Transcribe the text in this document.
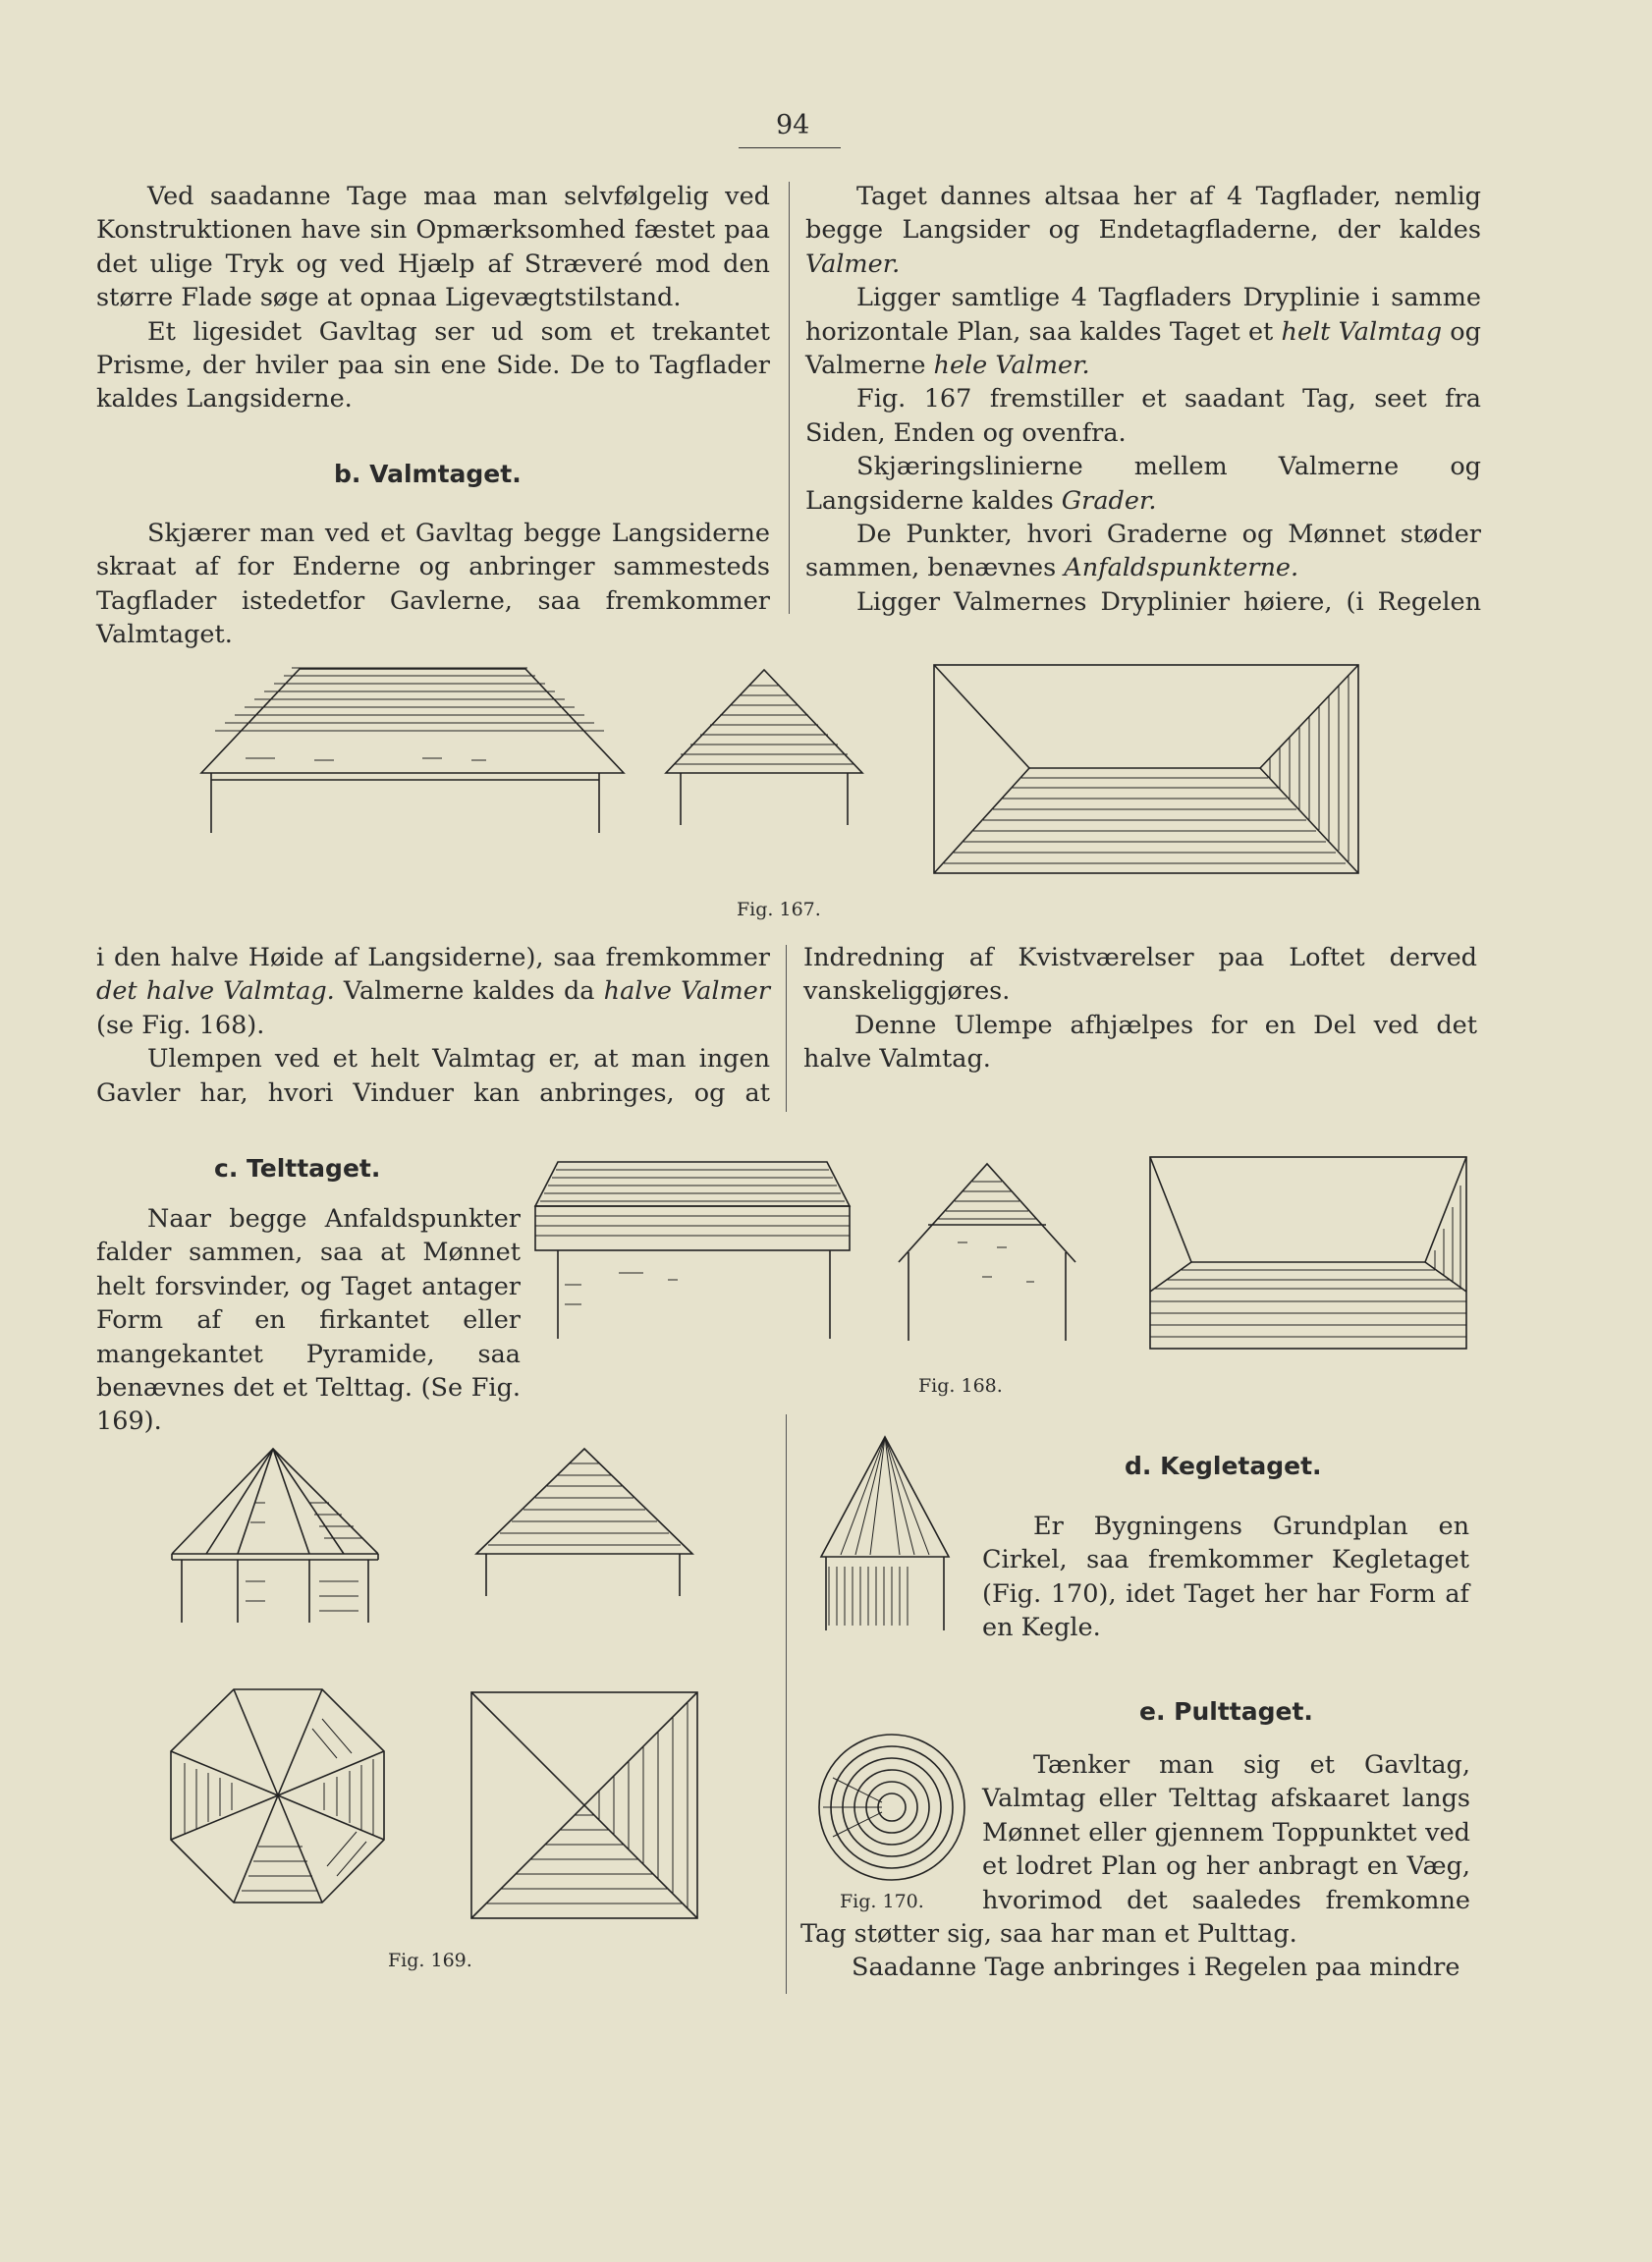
94

Ved saadanne Tage maa man selvfølgelig ved Konstruktionen have sin Opmærksomhed fæstet paa det ulige Tryk og ved Hjælp af Stræveré mod den større Flade søge at opnaa Ligevægtstilstand.

Et ligesidet Gavltag ser ud som et trekantet Prisme, der hviler paa sin ene Side. De to Tagflader kaldes Langsiderne.

b. Valmtaget.

Skjærer man ved et Gavltag begge Langsiderne skraat af for Enderne og anbringer sammesteds Tagflader istedetfor Gavlerne, saa fremkommer Valmtaget.

Taget dannes altsaa her af 4 Tagflader, nemlig begge Langsider og Endetagfladerne, der kaldes Valmer.

Ligger samtlige 4 Tagfladers Dryplinie i samme horizontale Plan, saa kaldes Taget et helt Valmtag og Valmerne hele Valmer.

Fig. 167 fremstiller et saadant Tag, seet fra Siden, Enden og ovenfra.

Skjæringslinierne mellem Valmerne og Langsiderne kaldes Grader.

De Punkter, hvori Graderne og Mønnet støder sammen, benævnes Anfaldspunkterne.

Ligger Valmernes Dryplinier høiere, (i Regelen

Fig. 167.

i den halve Høide af Langsiderne), saa fremkommer det halve Valmtag. Valmerne kaldes da halve Valmer (se Fig. 168).

Ulempen ved et helt Valmtag er, at man ingen Gavler har, hvori Vinduer kan anbringes, og at

Indredning af Kvistværelser paa Loftet derved vanskeliggjøres.

Denne Ulempe afhjælpes for en Del ved det halve Valmtag.

c. Telttaget.

Naar begge Anfaldspunkter falder sammen, saa at Mønnet helt forsvinder, og Taget antager Form af en firkantet eller mangekantet Pyramide, saa benævnes det et Telttag. (Se Fig. 169).

Fig. 168.
Fig. 169.
Fig. 170.
d. Kegletaget.

Er Bygningens Grundplan en Cirkel, saa fremkommer Kegletaget (Fig. 170), idet Taget her har Form af en Kegle.

e. Pulttaget.

Tænker man sig et Gavltag, Valmtag eller Telttag afskaaret langs Mønnet eller gjennem Toppunktet ved et lodret Plan og her anbragt en Væg, hvorimod det saaledes fremkomne Tag støtter sig, saa har man et Pulttag.

Saadanne Tage anbringes i Regelen paa mindre
